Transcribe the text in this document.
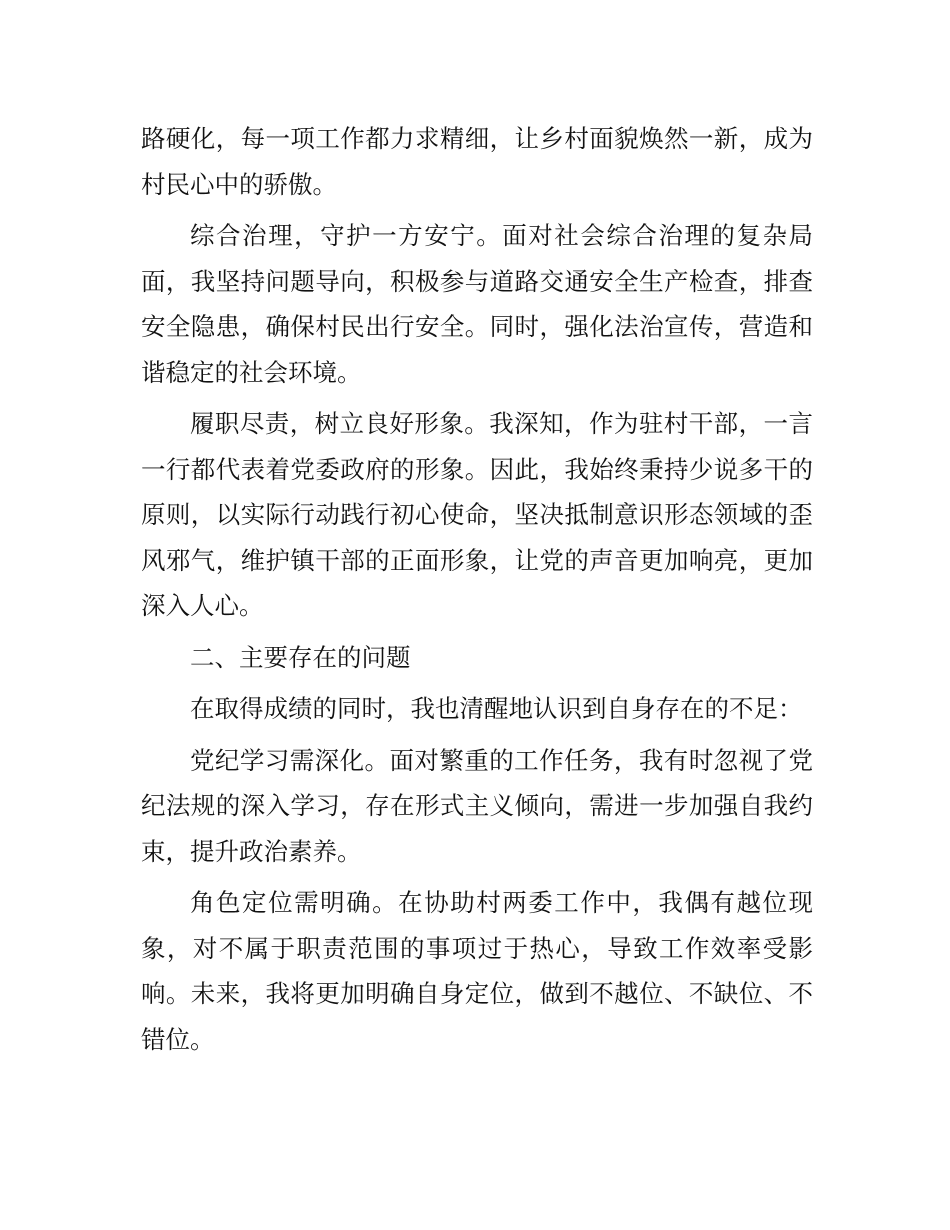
路硬化，每一项工作都力求精细，让乡村面貌焕然一新，成为村民心中的骄傲。

综合治理，守护一方安宁。面对社会综合治理的复杂局面，我坚持问题导向，积极参与道路交通安全生产检查，排查安全隐患，确保村民出行安全。同时，强化法治宣传，营造和谐稳定的社会环境。

履职尽责，树立良好形象。我深知，作为驻村干部，一言一行都代表着党委政府的形象。因此，我始终秉持少说多干的原则，以实际行动践行初心使命，坚决抵制意识形态领域的歪风邪气，维护镇干部的正面形象，让党的声音更加响亮，更加深入人心。

二、主要存在的问题

在取得成绩的同时，我也清醒地认识到自身存在的不足：

党纪学习需深化。面对繁重的工作任务，我有时忽视了党纪法规的深入学习，存在形式主义倾向，需进一步加强自我约束，提升政治素养。

角色定位需明确。在协助村两委工作中，我偶有越位现象，对不属于职责范围的事项过于热心，导致工作效率受影响。未来，我将更加明确自身定位，做到不越位、不缺位、不错位。
